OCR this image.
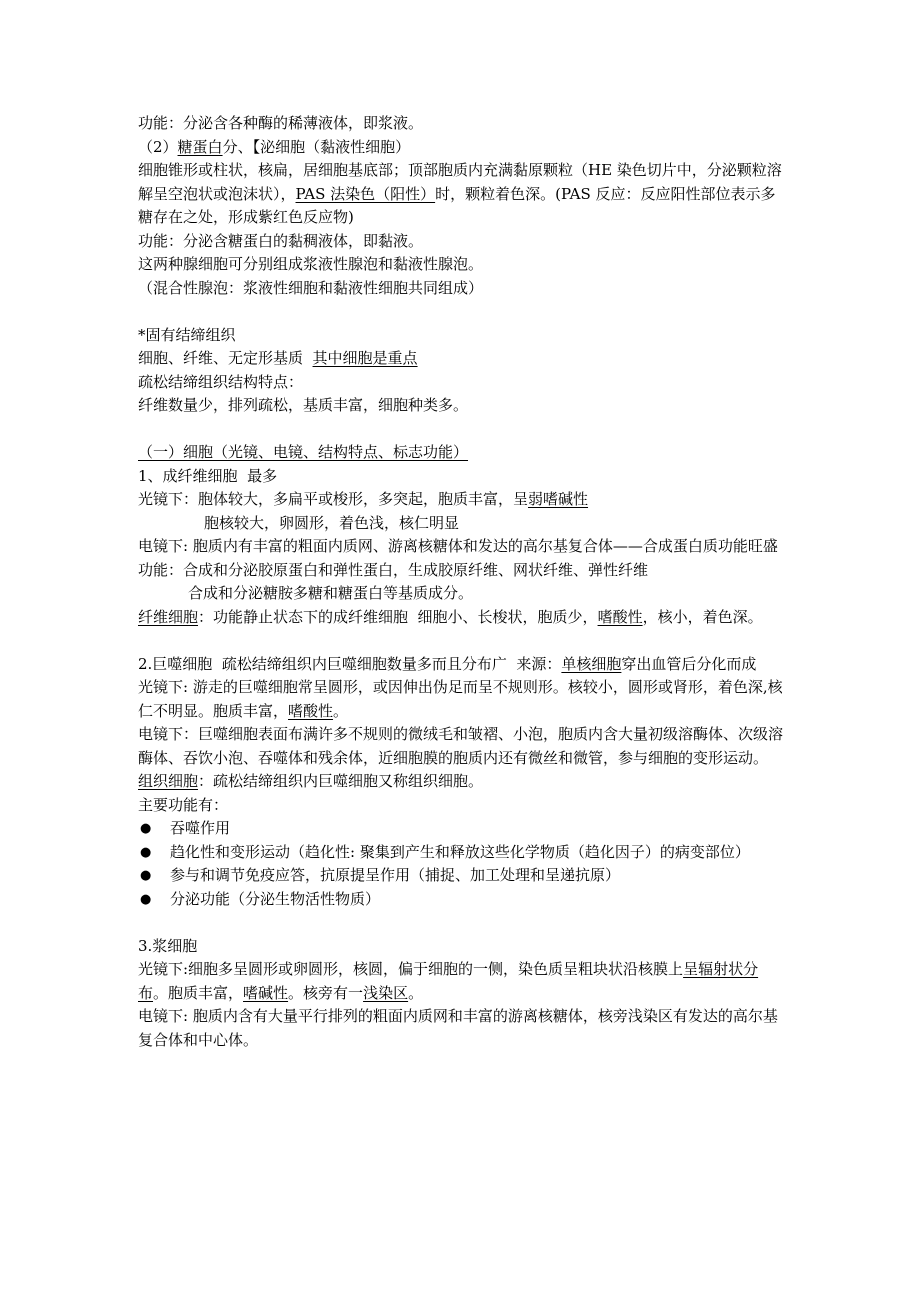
功能：分泌含各种酶的稀薄液体，即浆液。

（2）糖蛋白分、【泌细胞（黏液性细胞）

细胞锥形或柱状，核扁，居细胞基底部；顶部胞质内充满黏原颗粒（HE 染色切片中，分泌颗粒溶解呈空泡状或泡沫状），PAS 法染色（阳性）时，颗粒着色深。(PAS 反应：反应阳性部位表示多糖存在之处，形成紫红色反应物)

功能：分泌含糖蛋白的黏稠液体，即黏液。

这两种腺细胞可分别组成浆液性腺泡和黏液性腺泡。

（混合性腺泡：浆液性细胞和黏液性细胞共同组成）

*固有结缔组织

细胞、纤维、无定形基质  其中细胞是重点

疏松结缔组织结构特点：

纤维数量少，排列疏松，基质丰富，细胞种类多。

（一）细胞（光镜、电镜、结构特点、标志功能）

1、成纤维细胞  最多

光镜下：胞体较大，多扁平或梭形，多突起，胞质丰富，呈弱嗜碱性

胞核较大，卵圆形，着色浅，核仁明显

电镜下: 胞质内有丰富的粗面内质网、游离核糖体和发达的高尔基复合体——合成蛋白质功能旺盛

功能：合成和分泌胶原蛋白和弹性蛋白，生成胶原纤维、网状纤维、弹性纤维

合成和分泌糖胺多糖和糖蛋白等基质成分。

纤维细胞：功能静止状态下的成纤维细胞  细胞小、长梭状，胞质少，嗜酸性，核小，着色深。

2.巨噬细胞  疏松结缔组织内巨噬细胞数量多而且分布广  来源：单核细胞穿出血管后分化而成

光镜下: 游走的巨噬细胞常呈圆形，或因伸出伪足而呈不规则形。核较小，圆形或肾形，着色深,核仁不明显。胞质丰富，嗜酸性。

电镜下：巨噬细胞表面布满许多不规则的微绒毛和皱褶、小泡，胞质内含大量初级溶酶体、次级溶酶体、吞饮小泡、吞噬体和残余体，近细胞膜的胞质内还有微丝和微管，参与细胞的变形运动。

组织细胞：疏松结缔组织内巨噬细胞又称组织细胞。

主要功能有：

●	吞噬作用
●	趋化性和变形运动（趋化性: 聚集到产生和释放这些化学物质（趋化因子）的病变部位）
●	参与和调节免疫应答，抗原提呈作用（捕捉、加工处理和呈递抗原）
●	分泌功能（分泌生物活性物质）

3.浆细胞

光镜下:细胞多呈圆形或卵圆形，核圆，偏于细胞的一侧，染色质呈粗块状沿核膜上呈辐射状分布。胞质丰富，嗜碱性。核旁有一浅染区。

电镜下: 胞质内含有大量平行排列的粗面内质网和丰富的游离核糖体，核旁浅染区有发达的高尔基复合体和中心体。
